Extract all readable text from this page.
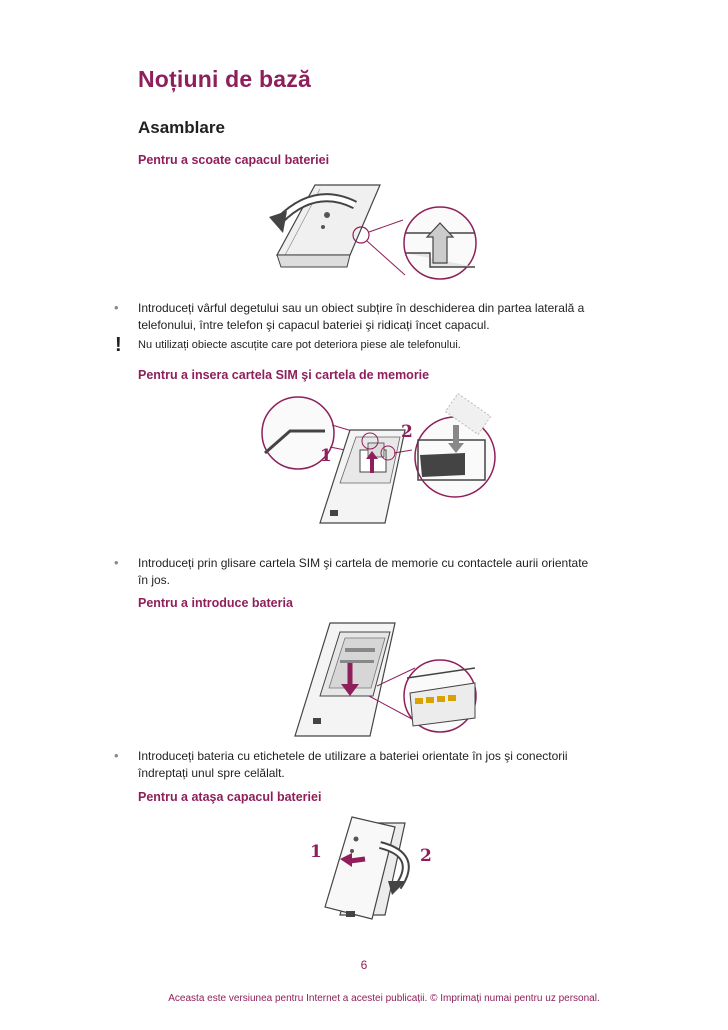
Noțiuni de bază
Asamblare
Pentru a scoate capacul bateriei
• Introduceți vârful degetului sau un obiect subțire în deschiderea din partea laterală a telefonului, între telefon şi capacul bateriei şi ridicați încet capacul.
! Nu utilizați obiecte ascuțite care pot deteriora piese ale telefonului.
Pentru a insera cartela SIM şi cartela de memorie
1
2
• Introduceți prin glisare cartela SIM şi cartela de memorie cu contactele aurii orientate în jos.
Pentru a introduce bateria
• Introduceți bateria cu etichetele de utilizare a bateriei orientate în jos şi conectorii îndreptați unul spre celălalt.
Pentru a ataşa capacul bateriei
1	2
6
Aceasta este versiunea pentru Internet a acestei publicații. © Imprimați numai pentru uz personal.
